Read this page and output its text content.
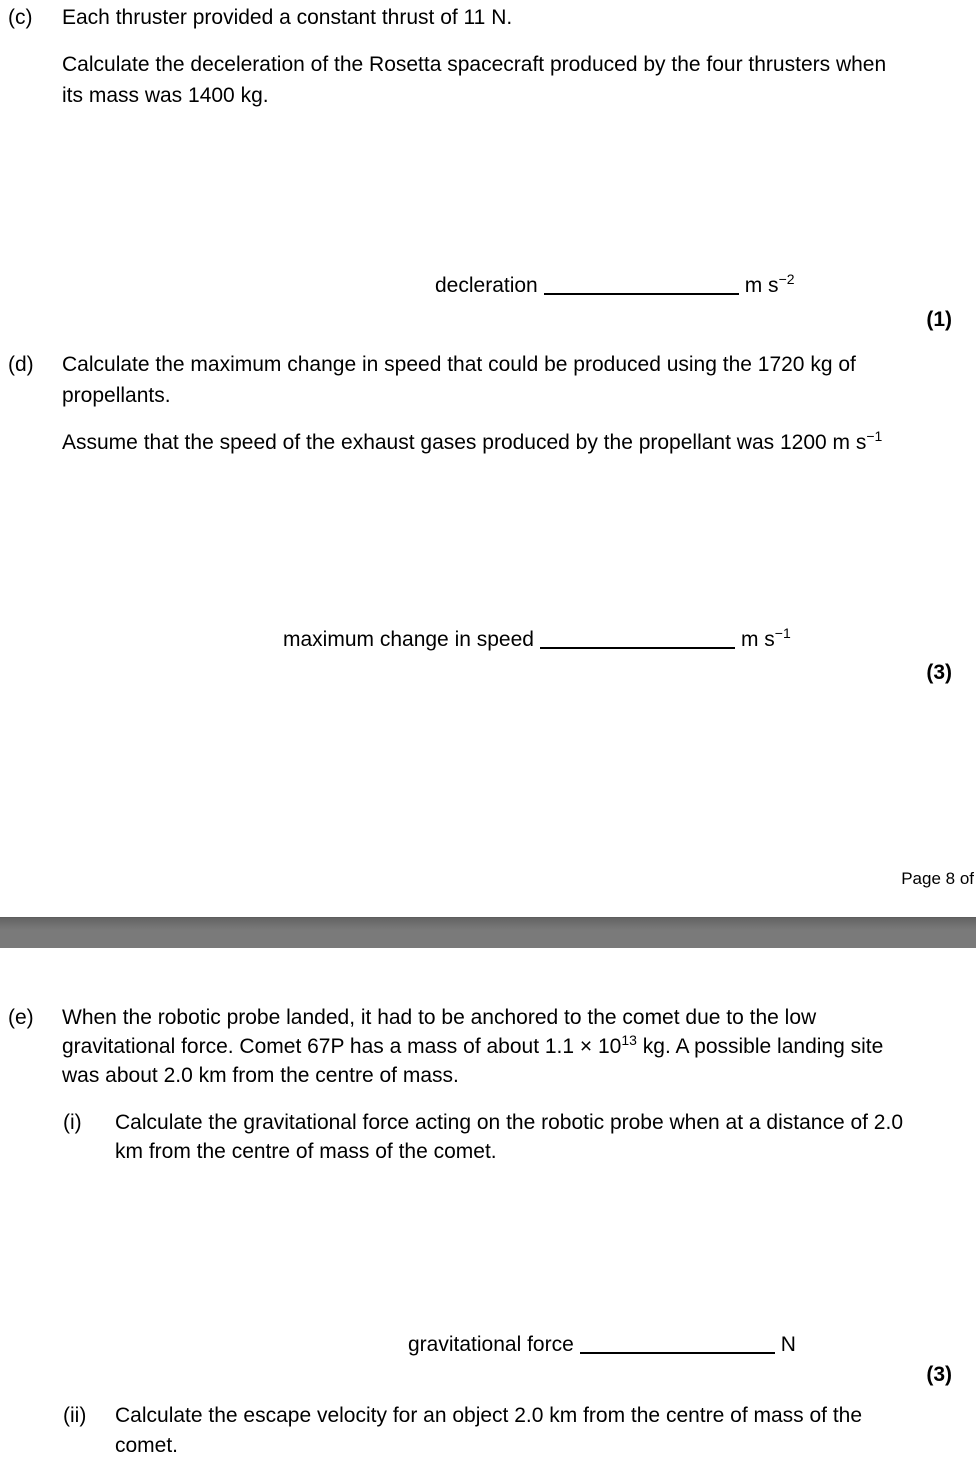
(c)	Each thruster provided a constant thrust of 11 N.
Calculate the deceleration of the Rosetta spacecraft produced by the four thrusters when
its mass was 1400 kg.
decleration	m $s^{-2}$
(1)
(d)	Calculate the maximum change in speed that could be produced using the 1720 kg of
propellants.
Assume that the speed of the exhaust gases produced by the propellant was 1200 m $s^{-1}$
maximum change in speed	m $s^{-1}$
(3)
Page 8 of
(e)	When the robotic probe landed, it had to be anchored to the comet due to the low
gravitational force. Comet 67P has a mass of about $1.1 \times 10^{13}$ kg. A possible landing site
was about 2.0 km from the centre of mass.
(i)	Calculate the gravitational force acting on the robotic probe when at a distance of 2.0
km from the centre of mass of the comet.
gravitational force	N
(3)
(ii)	Calculate the escape velocity for an object 2.0 km from the centre of mass of the
comet.
